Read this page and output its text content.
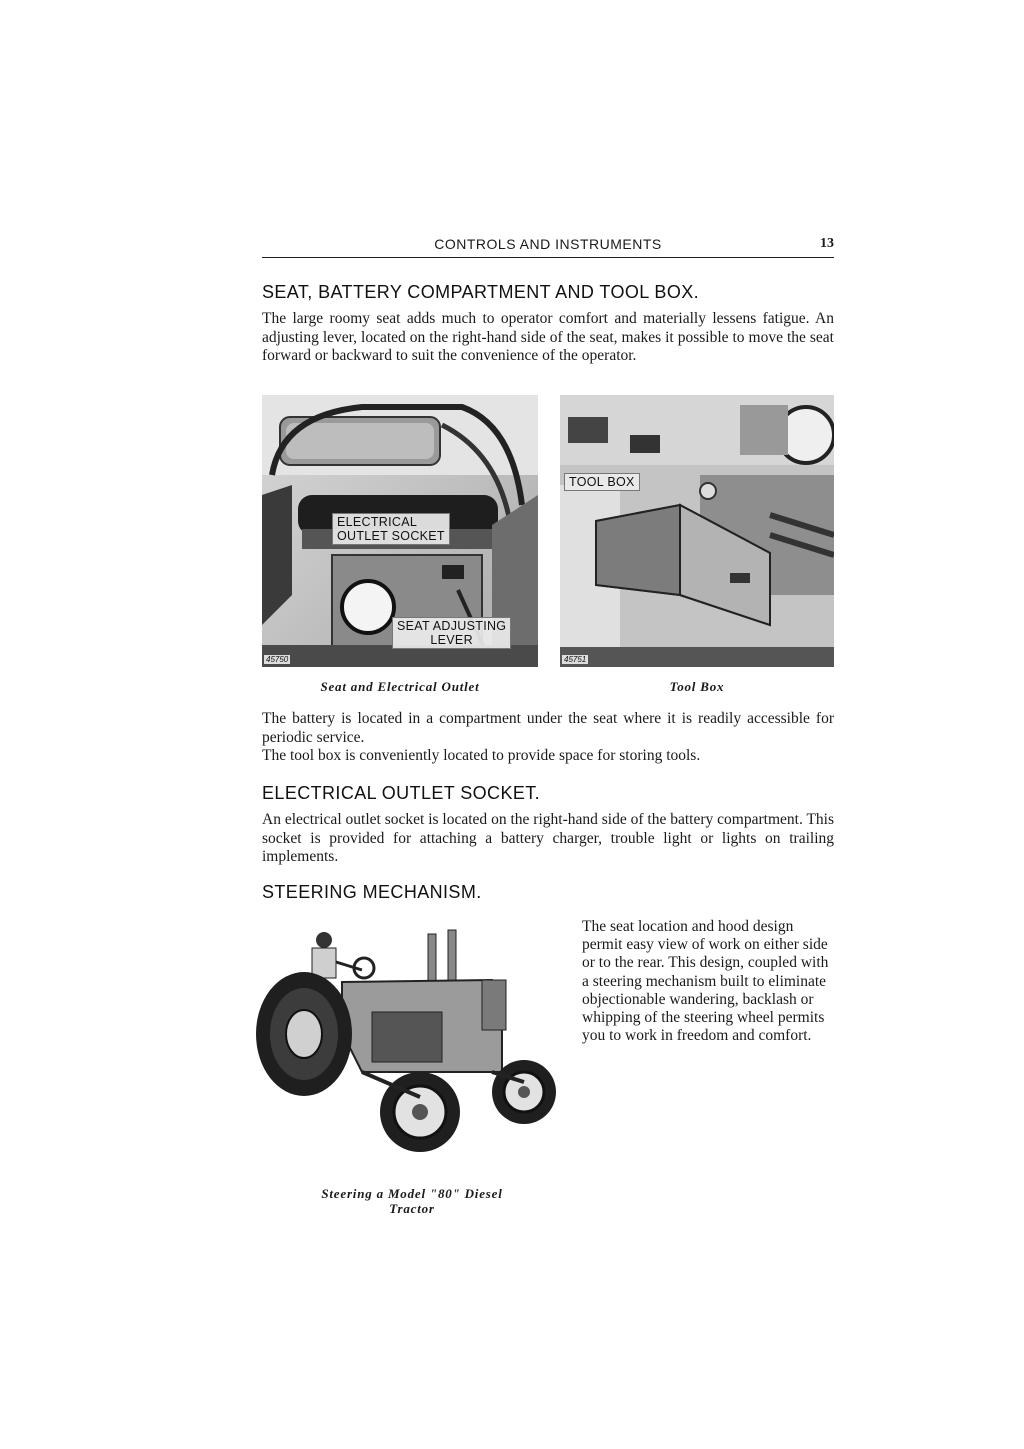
CONTROLS AND INSTRUMENTS	13
SEAT, BATTERY COMPARTMENT AND TOOL BOX.

The large roomy seat adds much to operator comfort and materially lessens fatigue. An adjusting lever, located on the right-hand side of the seat, makes it possible to move the seat forward or backward to suit the convenience of the operator.

ELECTRICAL
OUTLET SOCKET
SEAT ADJUSTING
LEVER
45750
TOOL BOX
45751
Seat and Electrical Outlet	Tool Box

The battery is located in a compartment under the seat where it is readily accessible for periodic service.

The tool box is conveniently located to provide space for storing tools.

ELECTRICAL OUTLET SOCKET.

An electrical outlet socket is located on the right-hand side of the battery compartment. This socket is provided for attaching a battery charger, trouble light or lights on trailing implements.

STEERING MECHANISM.

The seat location and hood design permit easy view of work on either side or to the rear. This design, coupled with a steering mechanism built to eliminate objectionable wandering, backlash or whipping of the steering wheel permits you to work in freedom and comfort.

Steering a Model "80" Diesel
Tractor
